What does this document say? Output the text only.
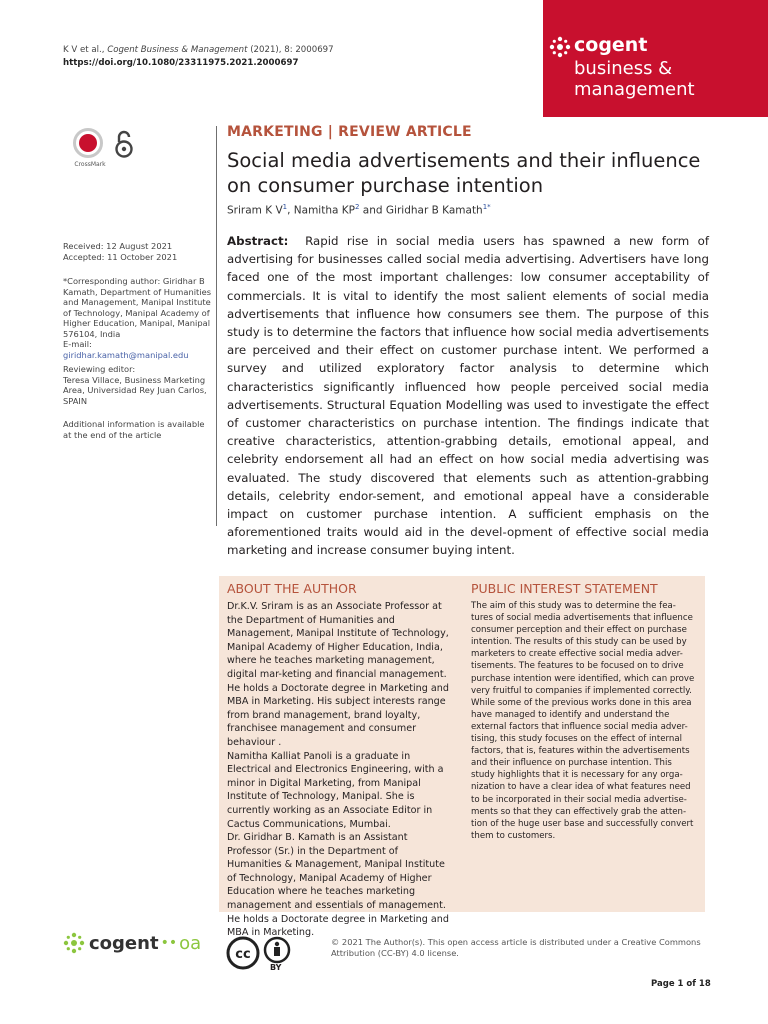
K V et al., Cogent Business & Management (2021), 8: 2000697
https://doi.org/10.1080/23311975.2021.2000697
cogent
business &
management
CrossMark
Received: 12 August 2021
Accepted: 11 October 2021
*Corresponding author: Giridhar B Kamath, Department of Humanities and Management, Manipal Institute of Technology, Manipal Academy of Higher Education, Manipal, Manipal 576104, India
E-mail: giridhar.kamath@manipal.edu
Reviewing editor:
Teresa Villace, Business Marketing Area, Universidad Rey Juan Carlos, SPAIN
Additional information is available at the end of the article
MARKETING | REVIEW ARTICLE
Social media advertisements and their influence on consumer purchase intention
Sriram K $V^1$, Namitha $KP^2$ and Giridhar B Kamath$^{1*}$
Abstract: Rapid rise in social media users has spawned a new form of advertising for businesses called social media advertising. Advertisers have long faced one of the most important challenges: low consumer acceptability of commercials. It is vital to identify the most salient elements of social media advertisements that influence how consumers see them. The purpose of this study is to determine the factors that influence how social media advertisements are perceived and their effect on customer purchase intent. We performed a survey and utilized exploratory factor analysis to determine which characteristics significantly influenced how people perceived social media advertisements. Structural Equation Modelling was used to investigate the effect of customer characteristics on purchase intention. The findings indicate that creative characteristics, attention-grabbing details, emotional appeal, and celebrity endorsement all had an effect on how social media advertising was evaluated. The study discovered that elements such as attention-grabbing details, celebrity endor-sement, and emotional appeal have a considerable impact on customer purchase intention. A sufficient emphasis on the aforementioned traits would aid in the devel-opment of effective social media marketing and increase consumer buying intent.
ABOUT THE AUTHOR

Dr.K.V. Sriram is as an Associate Professor at the Department of Humanities and Management, Manipal Institute of Technology, Manipal Academy of Higher Education, India, where he teaches marketing management, digital mar-keting and financial management. He holds a Doctorate degree in Marketing and MBA in Marketing. His subject interests range from brand management, brand loyalty, franchisee management and consumer behaviour .

Namitha Kalliat Panoli is a graduate in Electrical and Electronics Engineering, with a minor in Digital Marketing, from Manipal Institute of Technology, Manipal. She is currently working as an Associate Editor in Cactus Communications, Mumbai.

Dr. Giridhar B. Kamath is an Assistant Professor (Sr.) in the Department of Humanities & Management, Manipal Institute of Technology, Manipal Academy of Higher Education where he teaches marketing management and essentials of management. He holds a Doctorate degree in Marketing and MBA in Marketing.

PUBLIC INTEREST STATEMENT

The aim of this study was to determine the fea-tures of social media advertisements that influence consumer perception and their effect on purchase intention. The results of this study can be used by marketers to create effective social media adver-tisements. The features to be focused on to drive purchase intention were identified, which can prove very fruitful to companies if implemented correctly. While some of the previous works done in this area have managed to identify and understand the external factors that influence social media adver-tising, this study focuses on the effect of internal factors, that is, features within the advertisements and their influence on purchase intention. This study highlights that it is necessary for any orga-nization to have a clear idea of what features need to be incorporated in their social media advertise-ments so that they can effectively grab the atten-tion of the huge user base and successfully convert them to customers.

cogent •• oa
cc
BY
© 2021 The Author(s). This open access article is distributed under a Creative Commons Attribution (CC-BY) 4.0 license.
Page 1 of 18
